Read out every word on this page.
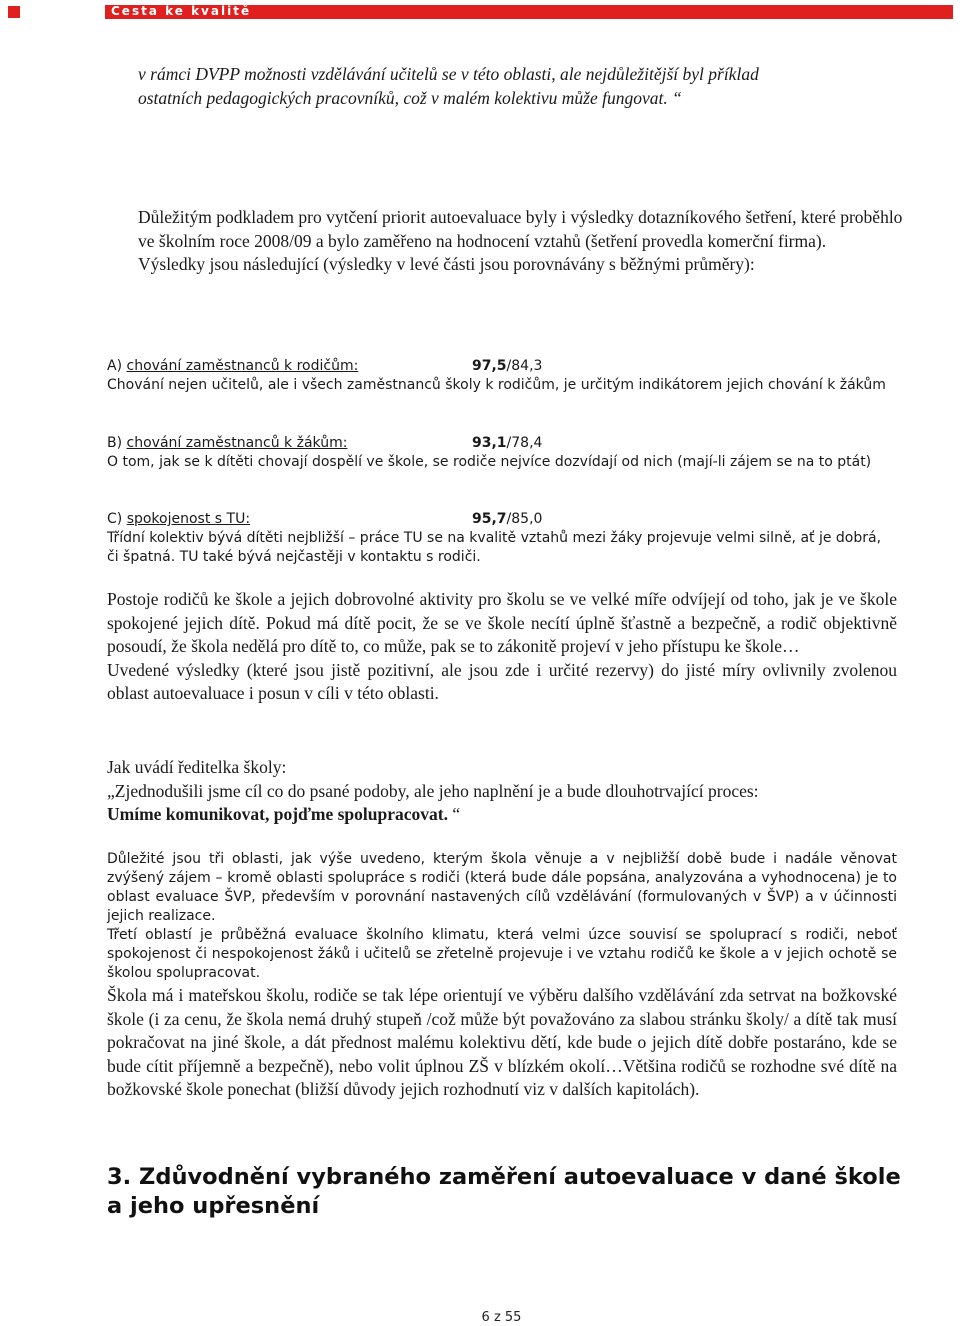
Cesta ke kvalitě

v rámci DVPP možnosti vzdělávání učitelů se v této oblasti, ale nejdůležitější byl příklad

ostatních pedagogických pracovníků, což v malém kolektivu může fungovat. “

Důležitým podkladem pro vytčení priorit autoevaluace byly i výsledky dotazníkového šetření, které proběhlo ve školním roce 2008/09 a bylo zaměřeno na hodnocení vztahů (šetření provedla komerční firma).

Výsledky jsou následující (výsledky v levé části jsou porovnávány s běžnými průměry):

A) chování zaměstnanců k rodičům:	97,5/84,3

Chování nejen učitelů, ale i všech zaměstnanců školy k rodičům, je určitým indikátorem jejich chování k žákům

B) chování zaměstnanců k žákům:	93,1/78,4

O tom, jak se k dítěti chovají dospělí ve škole, se rodiče nejvíce dozvídají od nich (mají-li zájem se na to ptát)

C) spokojenost s TU:	95,7/85,0

Třídní kolektiv bývá dítěti nejbližší – práce TU se na kvalitě vztahů mezi žáky projevuje velmi silně, ať je dobrá, či špatná. TU také bývá nejčastěji v kontaktu s rodiči.

Postoje rodičů ke škole a jejich dobrovolné aktivity pro školu se ve velké míře odvíjejí od toho, jak je ve škole spokojené jejich dítě. Pokud má dítě pocit, že se ve škole necítí úplně šťastně a bezpečně, a rodič objektivně posoudí, že škola nedělá pro dítě to, co může, pak se to zákonitě projeví v jeho přístupu ke škole…

Uvedené výsledky (které jsou jistě pozitivní, ale jsou zde i určité rezervy) do jisté míry ovlivnily zvolenou oblast autoevaluace i posun v cíli v této oblasti.

Jak uvádí ředitelka školy:

„Zjednodušili jsme cíl co do psané podoby, ale jeho naplnění je a bude dlouhotrvající proces:

Umíme komunikovat, pojďme spolupracovat. “

Důležité jsou tři oblasti, jak výše uvedeno, kterým škola věnuje a v nejbližší době bude i nadále věnovat zvýšený zájem – kromě oblasti spolupráce s rodiči (která bude dále popsána, analyzována a vyhodnocena) je to oblast evaluace ŠVP, především v porovnání nastavených cílů vzdělávání (formulovaných v ŠVP) a v účinnosti jejich realizace.

Třetí oblastí je průběžná evaluace školního klimatu, která velmi úzce souvisí se spoluprací s rodiči, neboť spokojenost či nespokojenost žáků i učitelů se zřetelně projevuje i ve vztahu rodičů ke škole a v jejich ochotě se školou spolupracovat.

Škola má i mateřskou školu, rodiče se tak lépe orientují ve výběru dalšího vzdělávání zda setrvat na božkovské škole (i za cenu, že škola nemá druhý stupeň /což může být považováno za slabou stránku školy/ a dítě tak musí pokračovat na jiné škole, a dát přednost malému kolektivu dětí, kde bude o jejich dítě dobře postaráno, kde se bude cítit příjemně a bezpečně), nebo volit úplnou ZŠ v blízkém okolí…Většina rodičů se rozhodne své dítě na božkovské škole ponechat (bližší důvody jejich rozhodnutí viz v dalších kapitolách).

3. Zdůvodnění vybraného zaměření autoevaluace v dané škole a jeho upřesnění
6 z 55
